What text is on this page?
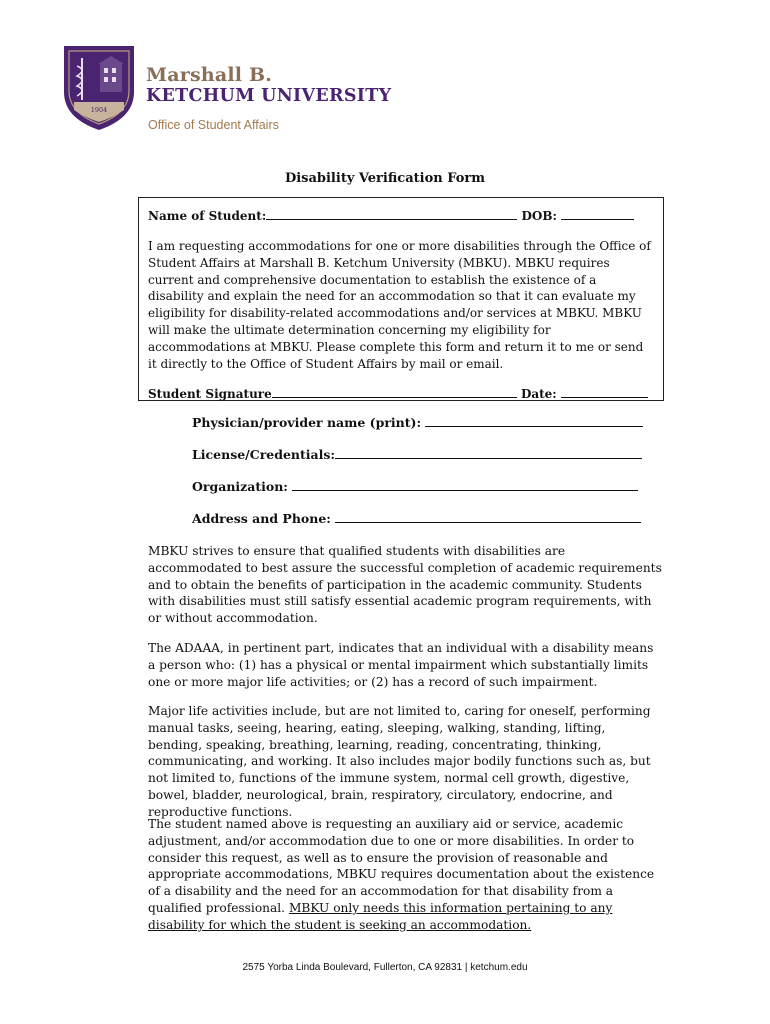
1904
Marshall B.
KETCHUM UNIVERSITY
Office of Student Affairs
Disability Verification Form
Name of Student:	DOB:
I am requesting accommodations for one or more disabilities through the Office of Student Affairs at Marshall B. Ketchum University (MBKU). MBKU requires current and comprehensive documentation to establish the existence of a disability and explain the need for an accommodation so that it can evaluate my eligibility for disability-related accommodations and/or services at MBKU. MBKU will make the ultimate determination concerning my eligibility for accommodations at MBKU. Please complete this form and return it to me or send it directly to the Office of Student Affairs by mail or email.
Student Signature	Date:
Physician/provider name (print):
License/Credentials:
Organization:
Address and Phone:
MBKU strives to ensure that qualified students with disabilities are accommodated to best assure the successful completion of academic requirements and to obtain the benefits of participation in the academic community. Students with disabilities must still satisfy essential academic program requirements, with or without accommodation.
The ADAAA, in pertinent part, indicates that an individual with a disability means a person who: (1) has a physical or mental impairment which substantially limits one or more major life activities; or (2) has a record of such impairment.
Major life activities include, but are not limited to, caring for oneself, performing manual tasks, seeing, hearing, eating, sleeping, walking, standing, lifting, bending, speaking, breathing, learning, reading, concentrating, thinking, communicating, and working. It also includes major bodily functions such as, but not limited to, functions of the immune system, normal cell growth, digestive, bowel, bladder, neurological, brain, respiratory, circulatory, endocrine, and reproductive functions.
The student named above is requesting an auxiliary aid or service, academic adjustment, and/or accommodation due to one or more disabilities. In order to consider this request, as well as to ensure the provision of reasonable and appropriate accommodations, MBKU requires documentation about the existence of a disability and the need for an accommodation for that disability from a qualified professional. MBKU only needs this information pertaining to any disability for which the student is seeking an accommodation.
2575 Yorba Linda Boulevard, Fullerton, CA 92831 | ketchum.edu
